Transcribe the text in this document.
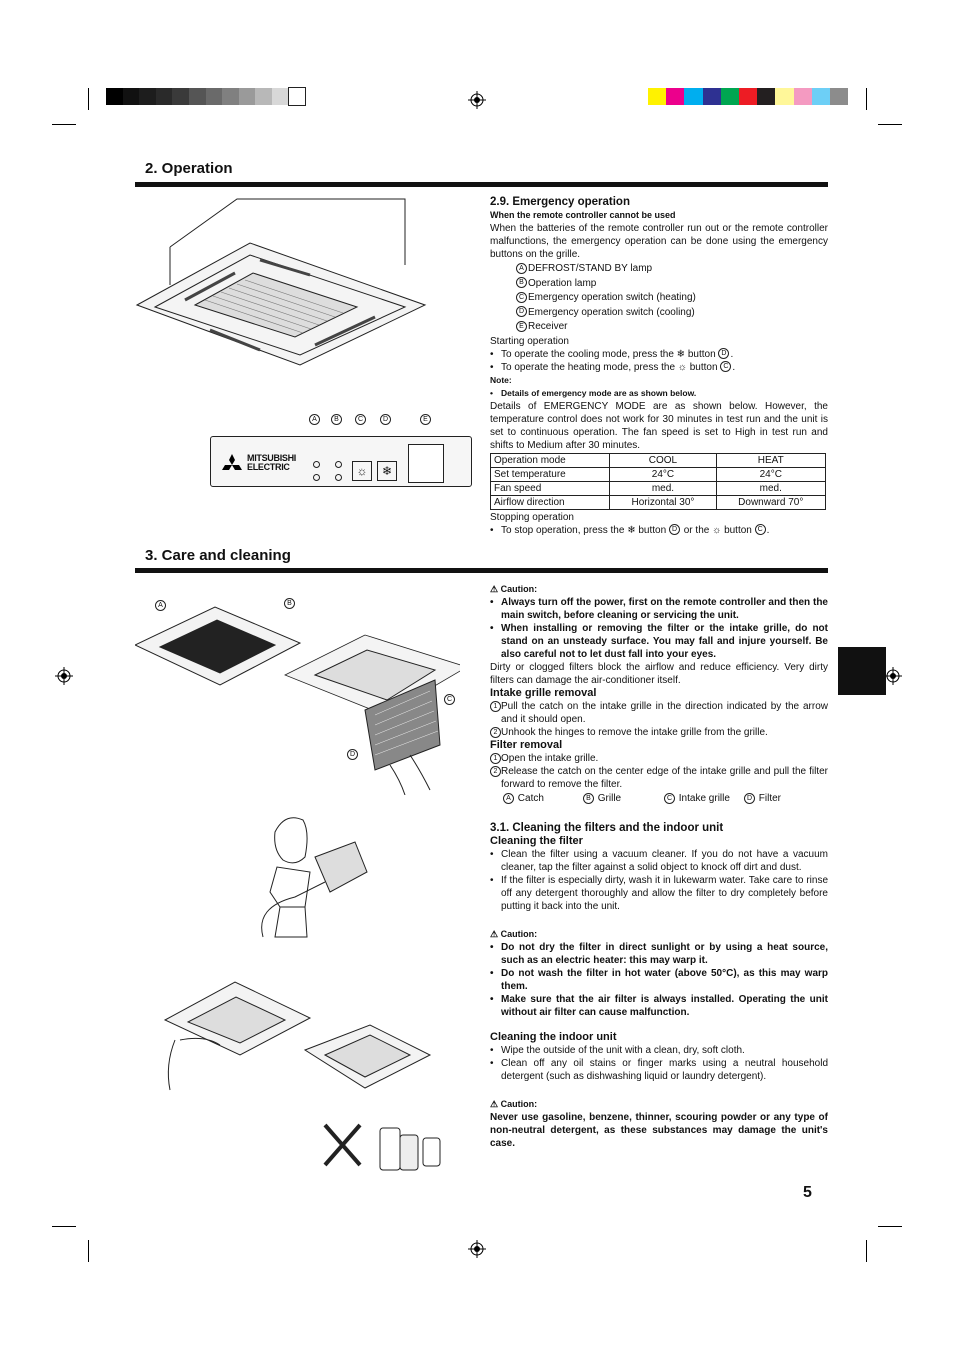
2. Operation
A	B	C	D	E
MITSUBISHI
ELECTRIC	☼	❄

2.9. Emergency operation

When the remote controller cannot be used

When the batteries of the remote controller run out or the remote controller malfunctions, the emergency operation can be done using the emergency buttons on the grille.

A DEFROST/STAND BY lamp
B Operation lamp
C Emergency operation switch (heating)
D Emergency operation switch (cooling)
E Receiver

Starting operation

• To operate the cooling mode, press the ❄ button D .
• To operate the heating mode, press the ☼ button C .

Note:

• Details of emergency mode are as shown below.

Details of EMERGENCY MODE are as shown below. However, the temperature control does not work for 30 minutes in test run and the unit is set to continuous operation. The fan speed is set to High in test run and shifts to Medium after 30 minutes.

Operation mode	COOL	HEAT
Set temperature	24°C	24°C
Fan speed	med.	med.
Airflow direction	Horizontal 30°	Downward 70°

Stopping operation

• To stop operation, press the ❄ button D or the ☼ button C .
3. Care and cleaning
A	B
C
D

⚠ Caution:

• Always turn off the power, first on the remote controller and then the main switch, before cleaning or servicing the unit.
• When installing or removing the filter or the intake grille, do not stand on an unsteady surface. You may fall and injure yourself. Be also careful not to let dust fall into your eyes.

Dirty or clogged filters block the airflow and reduce efficiency. Very dirty filters can damage the air-conditioner itself.

Intake grille removal

1 Pull the catch on the intake grille in the direction indicated by the arrow and it should open.
2 Unhook the hinges to remove the intake grille from the grille.

Filter removal

1 Open the intake grille.
2 Release the catch on the center edge of the intake grille and pull the filter forward to remove the filter.
A Catch	B Grille	C Intake grille	D Filter

3.1. Cleaning the filters and the indoor unit

Cleaning the filter

• Clean the filter using a vacuum cleaner. If you do not have a vacuum cleaner, tap the filter against a solid object to knock off dirt and dust.
• If the filter is especially dirty, wash it in lukewarm water. Take care to rinse off any detergent thoroughly and allow the filter to dry completely before putting it back into the unit.

⚠ Caution:

• Do not dry the filter in direct sunlight or by using a heat source, such as an electric heater: this may warp it.
• Do not wash the filter in hot water (above 50°C), as this may warp them.
• Make sure that the air filter is always installed. Operating the unit without air filter can cause malfunction.

Cleaning the indoor unit

• Wipe the outside of the unit with a clean, dry, soft cloth.
• Clean off any oil stains or finger marks using a neutral household detergent (such as dishwashing liquid or laundry detergent).

⚠ Caution:

Never use gasoline, benzene, thinner, scouring powder or any type of non-neutral detergent, as these substances may damage the unit's case.

5
